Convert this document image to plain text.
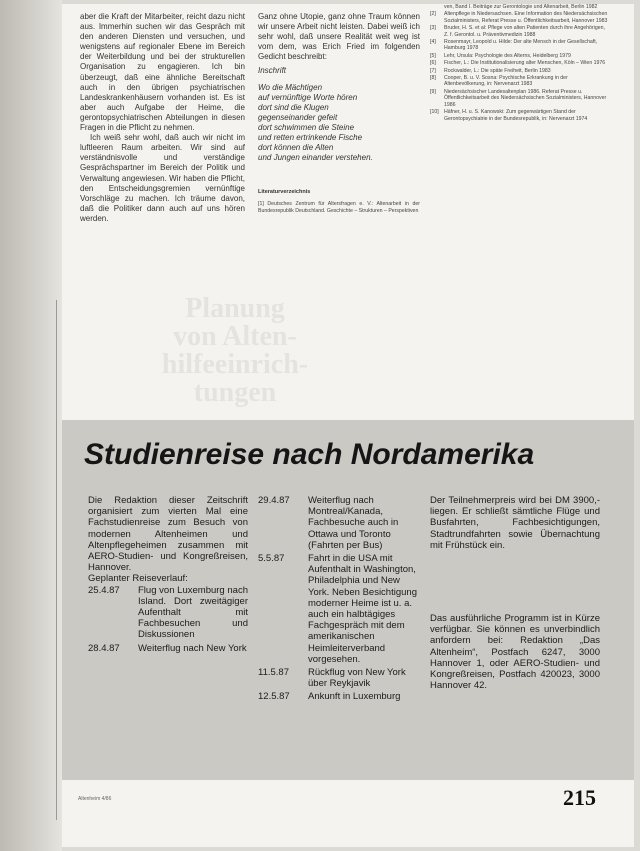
aber die Kraft der Mitarbeiter, reicht dazu nicht aus. Immerhin suchen wir das Gespräch mit den anderen Diensten und versuchen, und wenigstens auf regionaler Ebene im Bereich der Weiterbildung und bei der strukturellen Organisation zu engagieren. Ich bin überzeugt, daß eine ähnliche Bereitschaft auch in den übrigen psychiatrischen Landeskrankenhäusern vorhanden ist. Es ist aber auch Aufgabe der Heime, die gerontopsychiatrischen Abteilungen in diesen Fragen in die Pflicht zu nehmen.

Ich weiß sehr wohl, daß auch wir nicht im luftleeren Raum arbeiten. Wir sind auf verständnisvolle und verständige Gesprächspartner im Bereich der Politik und Verwaltung angewiesen. Wir haben die Pflicht, den Entscheidungsgremien vernünftige Vorschläge zu machen. Ich träume davon, daß die Politiker dann auch auf uns hören werden.

Ganz ohne Utopie, ganz ohne Traum können wir unsere Arbeit nicht leisten. Dabei weiß ich sehr wohl, daß unsere Realität weit weg ist vom dem, was Erich Fried im folgenden Gedicht beschreibt:

Inschrift
Wo die Mächtigen
auf vernünftige Worte hören
dort sind die Klugen
gegenseinander gefeit
dort schwimmen die Steine
und retten ertrinkende Fische
dort können die Alten
und Jungen einander verstehen.
Literaturverzeichnis
[1] Deutsches Zentrum für Altersfragen e. V.: Altenarbeit in der Bundesrepublik Deutschland. Geschichte – Strukturen – Perspektiven
ven, Band I. Beiträge zur Gerontologie und Altenarbeit, Berlin 1982
[2]	Altenpflege in Niedersachsen. Eine Information des Niedersächsischen Sozialministers, Referat Presse u. Öffentlichkeitsarbeit, Hannover 1983
[3]	Bruder, H. S. et al: Pflege von alten Patienten durch ihre Angehörigen, Z. f. Gerontol. u. Präventivmedizin 1988
[4]	Rosenmayr, Leopold u. Hilde: Der alte Mensch in der Gesellschaft, Hamburg 1978
[5]	Lehr, Ursula: Psychologie des Alterns, Heidelberg 1979
[6]	Fischer, L.: Die Institutionalisierung alter Menschen, Köln – Wien 1976
[7]	Rockwalder, L.: Die späte Freiheit, Berlin 1983
[8]	Cooper, B. u. V. Sosna: Psychische Erkrankung in der Altenbevölkerung, in: Nervenarzt 1983
[9]	Niedersächsischer Landesaltenplan 1986. Referat Presse u. Öffentlichkeitsarbeit des Niedersächsischen Sozialministers, Hannover 1986
[10]	Häfner, H. u. S. Kanowski: Zum gegenwärtigen Stand der Gerontopsychiatrie in der Bundesrepublik, in: Nervenarzt 1974
Planung
von Alten-
hilfeeinrich-
tungen
Studienreise nach Nordamerika

Die Redaktion dieser Zeitschrift organisiert zum vierten Mal eine Fachstudienreise zum Besuch von modernen Altenheimen und Altenpflegeheimen zusammen mit AERO-Studien- und Kongreßreisen, Hannover.

Geplanter Reiseverlauf:

25.4.87	Flug von Luxemburg nach Island. Dort zweitägiger Aufenthalt mit Fachbesuchen und Diskussionen
28.4.87	Weiterflug nach New York
29.4.87	Weiterflug nach Montreal/Kanada, Fachbesuche auch in Ottawa und Toronto (Fahrten per Bus)
5.5.87	Fahrt in die USA mit Aufenthalt in Washington, Philadelphia und New York. Neben Besichtigung moderner Heime ist u. a. auch ein halbtägiges Fachgespräch mit dem amerikanischen Heimleiterverband vorgesehen.
11.5.87	Rückflug von New York über Reykjavik
12.5.87	Ankunft in Luxemburg

Der Teilnehmerpreis wird bei DM 3900,- liegen. Er schließt sämtliche Flüge und Busfahrten, Fachbesichtigungen, Stadtrundfahrten sowie Übernachtung mit Frühstück ein.

Das ausführliche Programm ist in Kürze verfügbar. Sie können es unverbindlich anfordern bei: Redaktion „Das Altenheim“, Postfach 6247, 3000 Hannover 1, oder AERO-Studien- und Kongreßreisen, Postfach 420023, 3000 Hannover 42.

215
Altenheim 4/86
